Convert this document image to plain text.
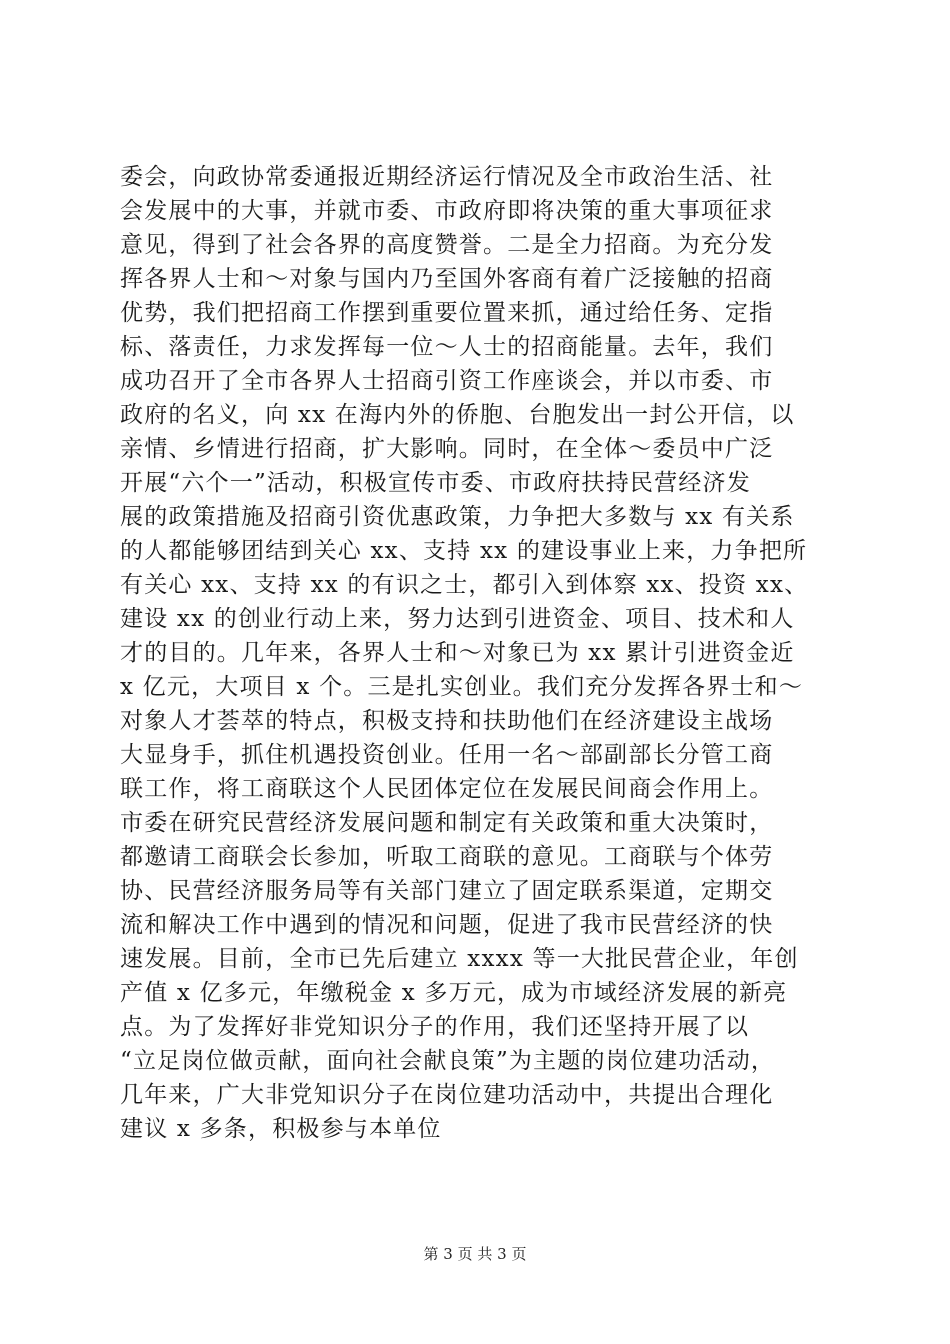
委会，向政协常委通报近期经济运行情况及全市政治生活、社
会发展中的大事，并就市委、市政府即将决策的重大事项征求
意见，得到了社会各界的高度赞誉。二是全力招商。为充分发
挥各界人士和～对象与国内乃至国外客商有着广泛接触的招商
优势，我们把招商工作摆到重要位置来抓，通过给任务、定指
标、落责任，力求发挥每一位～人士的招商能量。去年，我们
成功召开了全市各界人士招商引资工作座谈会，并以市委、市
政府的名义，向 xx 在海内外的侨胞、台胞发出一封公开信，以
亲情、乡情进行招商，扩大影响。同时，在全体～委员中广泛
开展“六个一”活动，积极宣传市委、市政府扶持民营经济发
展的政策措施及招商引资优惠政策，力争把大多数与 xx 有关系
的人都能够团结到关心 xx、支持 xx 的建设事业上来，力争把所
有关心 xx、支持 xx 的有识之士，都引入到体察 xx、投资 xx、
建设 xx 的创业行动上来，努力达到引进资金、项目、技术和人
才的目的。几年来，各界人士和～对象已为 xx 累计引进资金近
x 亿元，大项目 x 个。三是扎实创业。我们充分发挥各界士和～
对象人才荟萃的特点，积极支持和扶助他们在经济建设主战场
大显身手，抓住机遇投资创业。任用一名～部副部长分管工商
联工作，将工商联这个人民团体定位在发展民间商会作用上。
市委在研究民营经济发展问题和制定有关政策和重大决策时，
都邀请工商联会长参加，听取工商联的意见。工商联与个体劳
协、民营经济服务局等有关部门建立了固定联系渠道，定期交
流和解决工作中遇到的情况和问题，促进了我市民营经济的快
速发展。目前，全市已先后建立 xxxx 等一大批民营企业，年创
产值 x 亿多元，年缴税金 x 多万元，成为市域经济发展的新亮
点。为了发挥好非党知识分子的作用，我们还坚持开展了以
“立足岗位做贡献，面向社会献良策”为主题的岗位建功活动，
几年来，广大非党知识分子在岗位建功活动中，共提出合理化
建议 x 多条，积极参与本单位
第 3 页 共 3 页
